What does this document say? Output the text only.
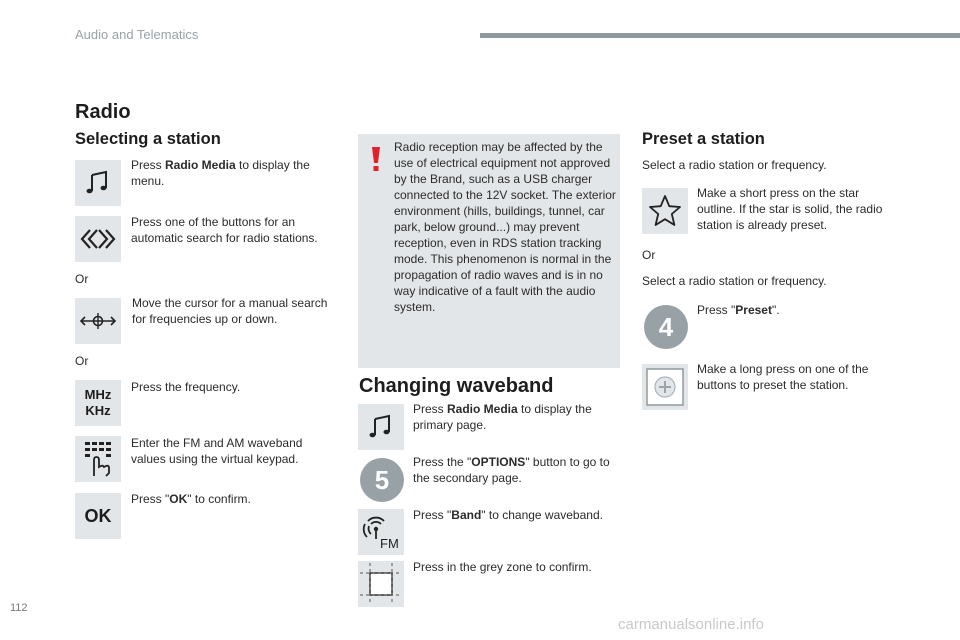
Audio and Telematics
Radio
Selecting a station
Press Radio Media to display the menu.
Press one of the buttons for an automatic search for radio stations.
Or
Move the cursor for a manual search for frequencies up or down.
Or
MHz
KHz
Press the frequency.
Enter the FM and AM waveband values using the virtual keypad.
OK
Press "OK" to confirm.
Radio reception may be affected by the use of electrical equipment not approved by the Brand, such as a USB charger connected to the 12V socket. The exterior environment (hills, buildings, tunnel, car park, below ground...) may prevent reception, even in RDS station tracking mode. This phenomenon is normal in the propagation of radio waves and is in no way indicative of a fault with the audio system.
Changing waveband
Press Radio Media to display the primary page.
5
Press the "OPTIONS" button to go to the secondary page.
FM
Press "Band" to change waveband.
Press in the grey zone to confirm.
Preset a station
Select a radio station or frequency.
Make a short press on the star outline. If the star is solid, the radio station is already preset.
Or
Select a radio station or frequency.
4
Press "Preset".
Make a long press on one of the buttons to preset the station.
112
carmanualsonline.info
